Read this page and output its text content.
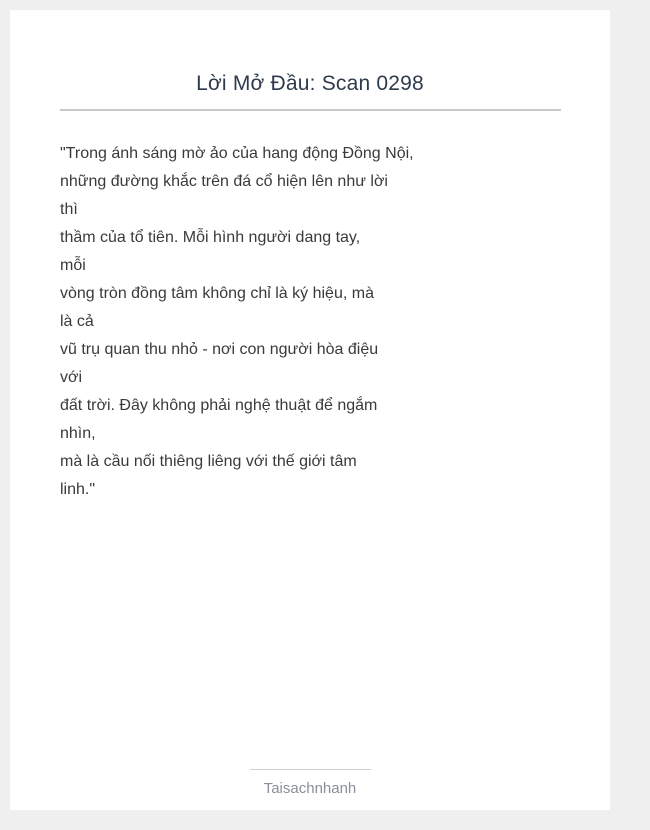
Lời Mở Đầu: Scan 0298
"Trong ánh sáng mờ ảo của hang động Đồng Nội,
những đường khắc trên đá cổ hiện lên như lời
thì
thầm của tổ tiên. Mỗi hình người dang tay,
mỗi
vòng tròn đồng tâm không chỉ là ký hiệu, mà
là cả
vũ trụ quan thu nhỏ - nơi con người hòa điệu
với
đất trời. Đây không phải nghệ thuật để ngắm
nhìn,
mà là cầu nối thiêng liêng với thế giới tâm
linh."
Taisachnhanh
